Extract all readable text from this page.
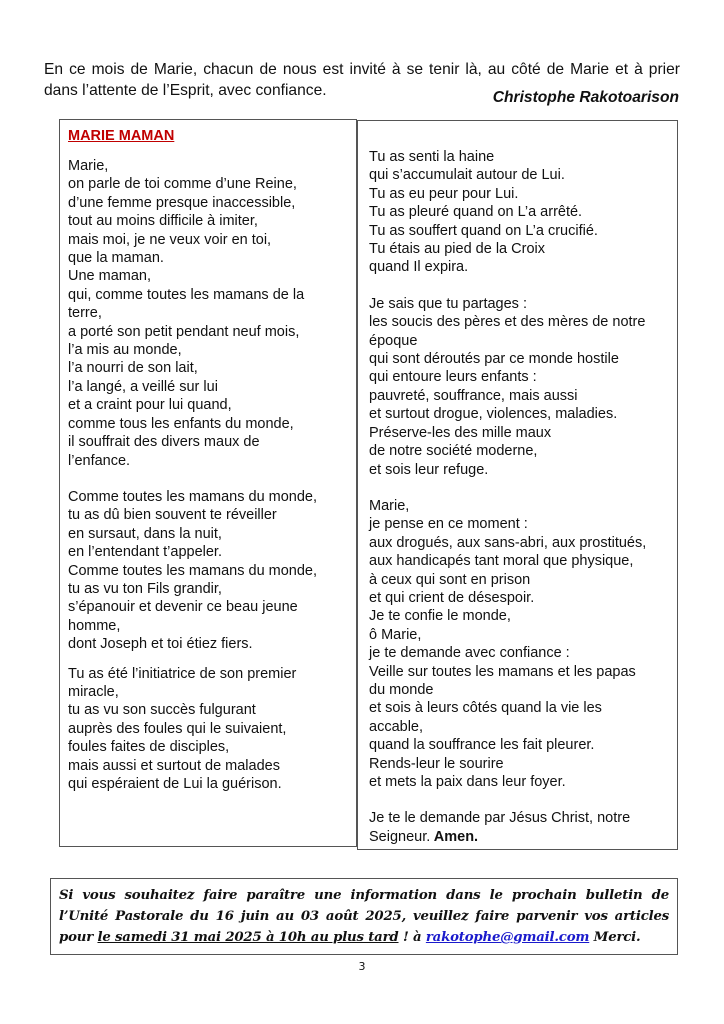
En ce mois de Marie, chacun de nous est invité à se tenir là, au côté de Marie et à prier dans l’attente de l’Esprit, avec confiance.	Christophe Rakotoarison
MARIE MAMAN
Marie,
on parle de toi comme d’une Reine,
d’une femme presque inaccessible,
tout au moins difficile à imiter,
mais moi, je ne veux voir en toi,
que la maman.
Une maman,
qui, comme toutes les mamans de la
terre,
a porté son petit pendant neuf mois,
l’a mis au monde,
l’a nourri de son lait,
l’a langé, a veillé sur lui
et a craint pour lui quand,
comme tous les enfants du monde,
il souffrait des divers maux de
l’enfance.
Comme toutes les mamans du monde,
tu as dû bien souvent te réveiller
en sursaut, dans la nuit,
en l’entendant t’appeler.
Comme toutes les mamans du monde,
tu as vu ton Fils grandir,
s’épanouir et devenir ce beau jeune
homme,
dont Joseph et toi étiez fiers.
Tu as été l’initiatrice de son premier
miracle,
tu as vu son succès fulgurant
auprès des foules qui le suivaient,
foules faites de disciples,
mais aussi et surtout de malades
qui espéraient de Lui la guérison.
Tu as senti la haine
qui s’accumulait autour de Lui.
Tu as eu peur pour Lui.
Tu as pleuré quand on L’a arrêté.
Tu as souffert quand on L’a crucifié.
Tu étais au pied de la Croix
quand Il expira.
Je sais que tu partages :
les soucis des pères et des mères de notre
époque
qui sont déroutés par ce monde hostile
qui entoure leurs enfants :
pauvreté, souffrance, mais aussi
et surtout drogue, violences, maladies.
Préserve-les des mille maux
de notre société moderne,
et sois leur refuge.
Marie,
je pense en ce moment :
aux drogués, aux sans-abri, aux prostitués,
aux handicapés tant moral que physique,
à ceux qui sont en prison
et qui crient de désespoir.
Je te confie le monde,
ô Marie,
je te demande avec confiance :
Veille sur toutes les mamans et les papas
du monde
et sois à leurs côtés quand la vie les
accable,
quand la souffrance les fait pleurer.
Rends-leur le sourire
et mets la paix dans leur foyer.
Je te le demande par Jésus Christ, notre
Seigneur. Amen.
Si vous souhaitez faire paraître une information dans le prochain bulletin de l’Unité Pastorale du 16 juin au 03 août 2025, veuillez faire parvenir vos articles pour le samedi 31 mai 2025 à 10h au plus tard ! à rakotophe@gmail.com Merci.
3
